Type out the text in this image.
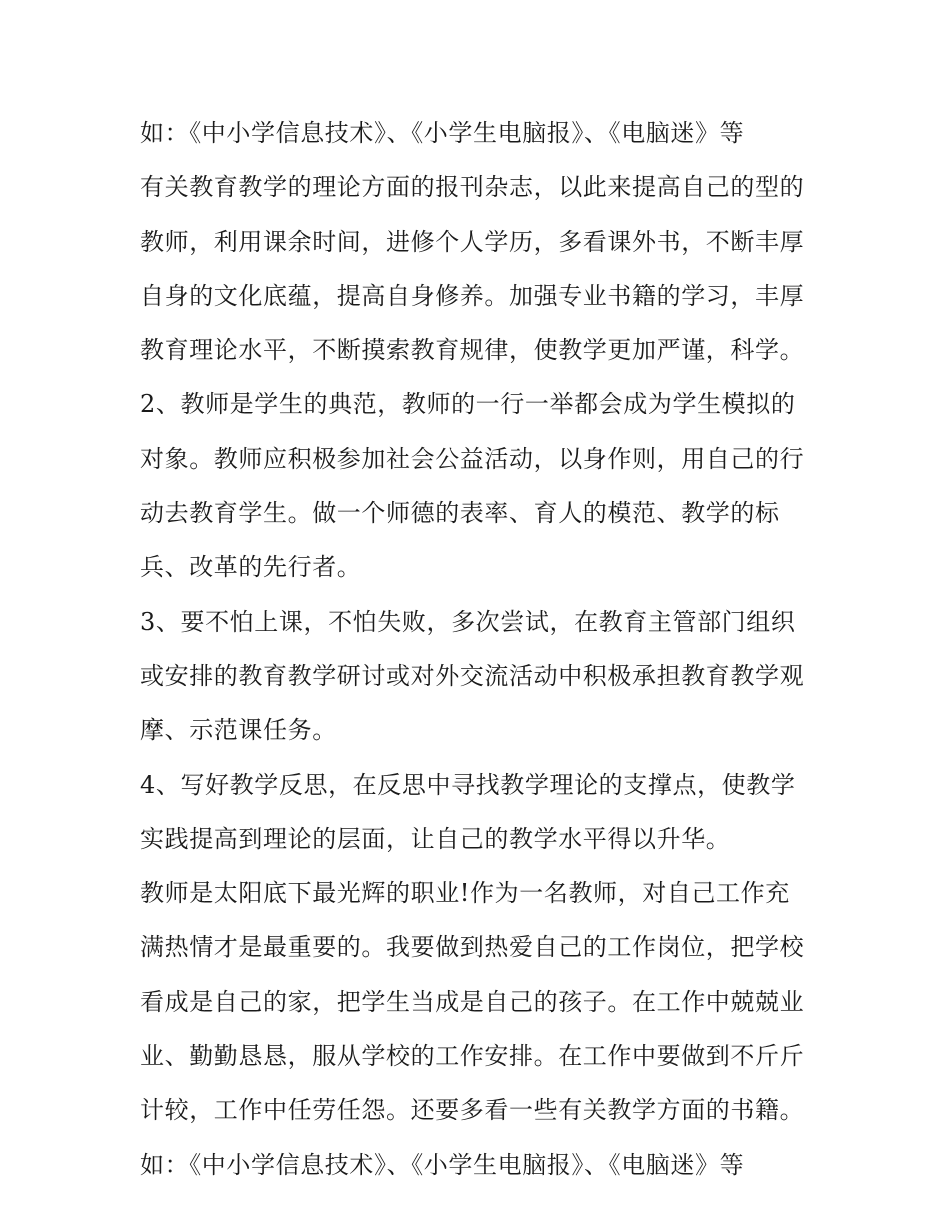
如：《中小学信息技术》、《小学生电脑报》、《电脑迷》等
有关教育教学的理论方面的报刊杂志，以此来提高自己的型的
教师，利用课余时间，进修个人学历，多看课外书，不断丰厚
自身的文化底蕴，提高自身修养。加强专业书籍的学习，丰厚
教育理论水平，不断摸索教育规律，使教学更加严谨，科学。
2、教师是学生的典范，教师的一行一举都会成为学生模拟的
对象。教师应积极参加社会公益活动，以身作则，用自己的行
动去教育学生。做一个师德的表率、育人的模范、教学的标
兵、改革的先行者。
3、要不怕上课，不怕失败，多次尝试，在教育主管部门组织
或安排的教育教学研讨或对外交流活动中积极承担教育教学观
摩、示范课任务。
4、写好教学反思，在反思中寻找教学理论的支撑点，使教学
实践提高到理论的层面，让自己的教学水平得以升华。
教师是太阳底下最光辉的职业!作为一名教师，对自己工作充
满热情才是最重要的。我要做到热爱自己的工作岗位，把学校
看成是自己的家，把学生当成是自己的孩子。在工作中兢兢业
业、勤勤恳恳，服从学校的工作安排。在工作中要做到不斤斤
计较，工作中任劳任怨。还要多看一些有关教学方面的书籍。
如：《中小学信息技术》、《小学生电脑报》、《电脑迷》等
